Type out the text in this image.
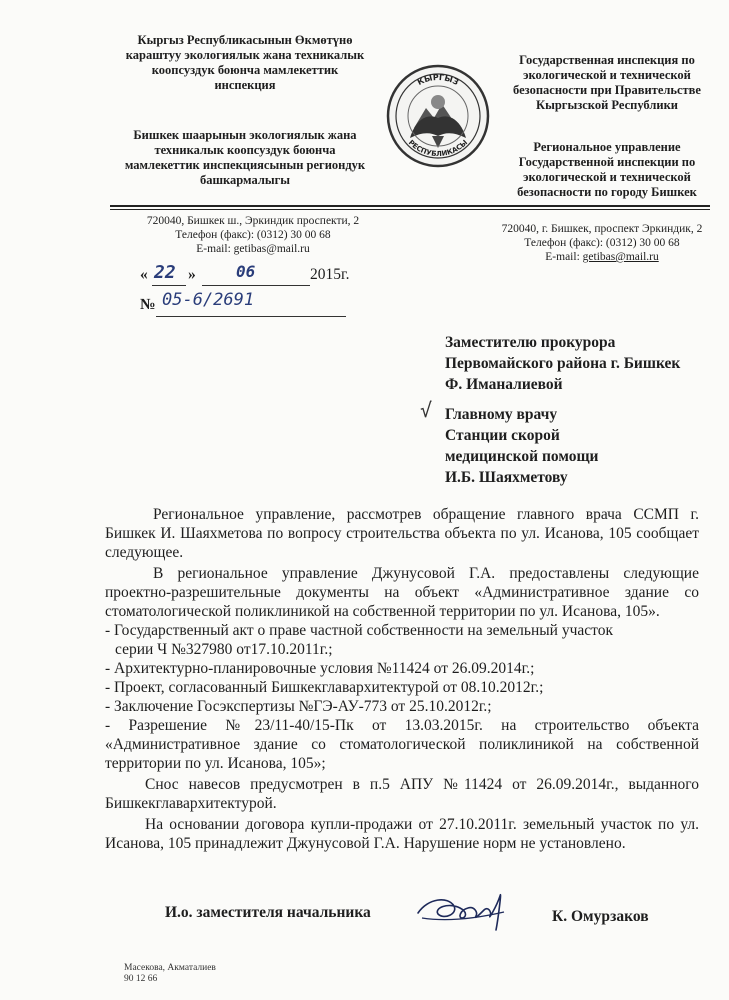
Кыргыз Республикасынын Өкмөтүнө
караштуу экологиялык жана техникалык
коопсуздук боюнча мамлекеттик
инспекция
Бишкек шаарынын экологиялык жана
техникалык коопсуздук боюнча
мамлекеттик инспекциясынын региондук
башкармалыгы
КЫРГЫЗ
РЕСПУБЛИКАСЫ
Государственная инспекция по
экологической и технической
безопасности при Правительстве
Кыргызской Республики
Региональное управление
Государственной инспекции по
экологической и технической
безопасности по городу Бишкек
720040, Бишкек ш., Эркиндик проспекти, 2
Телефон (факс): (0312) 30 00 68
E-mail: getibas@mail.ru
720040, г. Бишкек, проспект Эркиндик, 2
Телефон (факс): (0312) 30 00 68
E-mail: getibas@mail.ru
« 22 »	06	2015г.
№ 05-6/2691
Заместителю прокурора
Первомайского района г. Бишкек
Ф. Иманалиевой
√ Главному врачу
Станции скорой
медицинской помощи
И.Б. Шаяхметову

Региональное управление, рассмотрев обращение главного врача ССМП г. Бишкек И. Шаяхметова по вопросу строительства объекта по ул. Исанова, 105 сообщает следующее.

В региональное управление Джунусовой Г.А. предоставлены следующие проектно-разрешительные документы на объект «Административное здание со стоматологической поликлиникой на собственной территории по ул. Исанова, 105».

- Государственный акт о праве частной собственности на земельный участок

серии Ч №327980 от17.10.2011г.;

- Архитектурно-планировочные условия №11424 от 26.09.2014г.;

- Проект, согласованный Бишкекглавархитектурой от 08.10.2012г.;

- Заключение Госэкспертизы №ГЭ-АУ-773 от 25.10.2012г.;

- Разрешение №23/11-40/15-Пк от 13.03.2015г. на строительство объекта «Административное здание со стоматологической поликлиникой на собственной территории по ул. Исанова, 105»;

Снос навесов предусмотрен в п.5 АПУ №11424 от 26.09.2014г., выданного Бишкекглавархитектурой.

На основании договора купли-продажи от 27.10.2011г. земельный участок по ул. Исанова, 105 принадлежит Джунусовой Г.А. Нарушение норм не установлено.

И.о. заместителя начальника	К. Омурзаков
Масекова, Акматалиев
90 12 66
